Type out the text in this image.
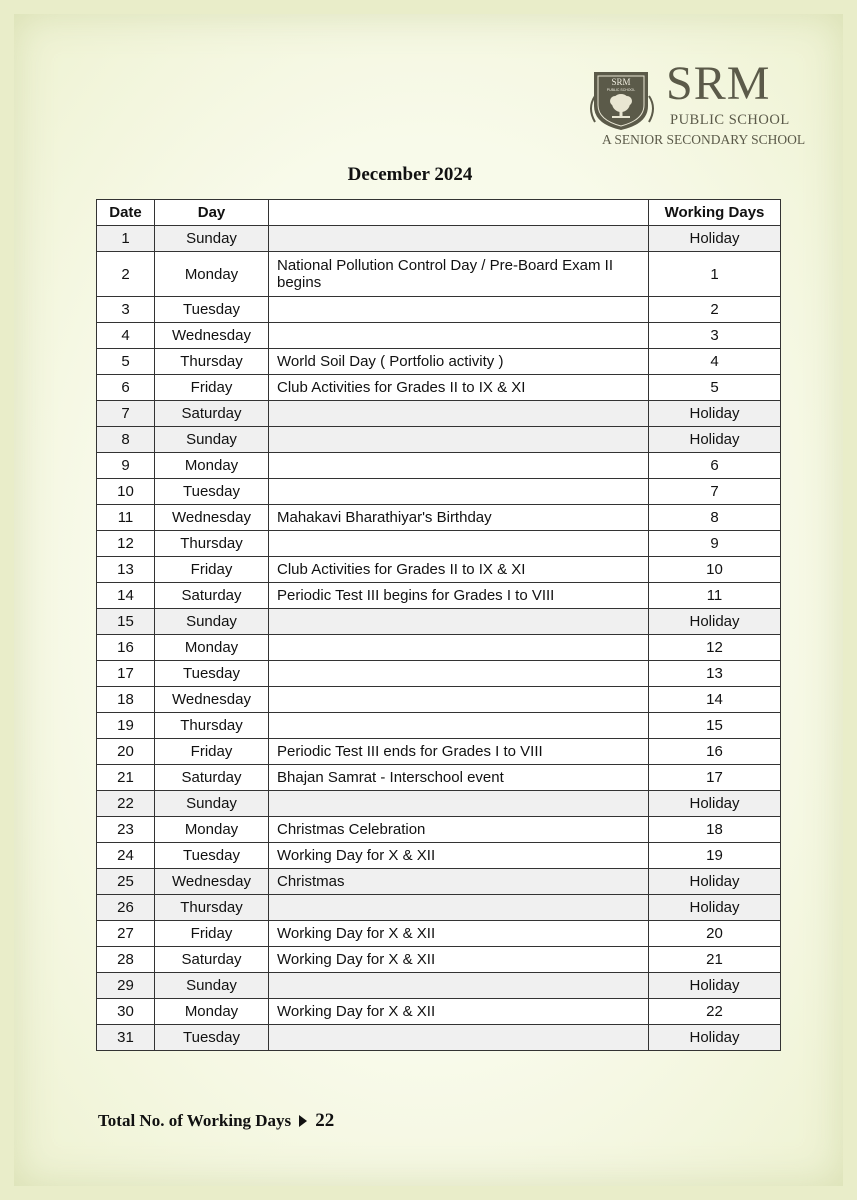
SRM
PUBLIC SCHOOL SRM
PUBLIC SCHOOL
A SENIOR SECONDARY SCHOOL
December 2024
Date	Day		Working Days
1	Sunday		Holiday
2	Monday	National Pollution Control Day / Pre-Board Exam II begins	1
3	Tuesday		2
4	Wednesday		3
5	Thursday	World Soil Day ( Portfolio activity )	4
6	Friday	Club Activities for Grades II to IX & XI	5
7	Saturday		Holiday
8	Sunday		Holiday
9	Monday		6
10	Tuesday		7
11	Wednesday	Mahakavi Bharathiyar's Birthday	8
12	Thursday		9
13	Friday	Club Activities for Grades II to IX & XI	10
14	Saturday	Periodic Test III begins for Grades I to VIII	11
15	Sunday		Holiday
16	Monday		12
17	Tuesday		13
18	Wednesday		14
19	Thursday		15
20	Friday	Periodic Test III ends for Grades I to VIII	16
21	Saturday	Bhajan Samrat - Interschool event	17
22	Sunday		Holiday
23	Monday	Christmas Celebration	18
24	Tuesday	Working Day for X & XII	19
25	Wednesday	Christmas	Holiday
26	Thursday		Holiday
27	Friday	Working Day for X & XII	20
28	Saturday	Working Day for X & XII	21
29	Sunday		Holiday
30	Monday	Working Day for X & XII	22
31	Tuesday		Holiday
Total No. of Working Days 22
